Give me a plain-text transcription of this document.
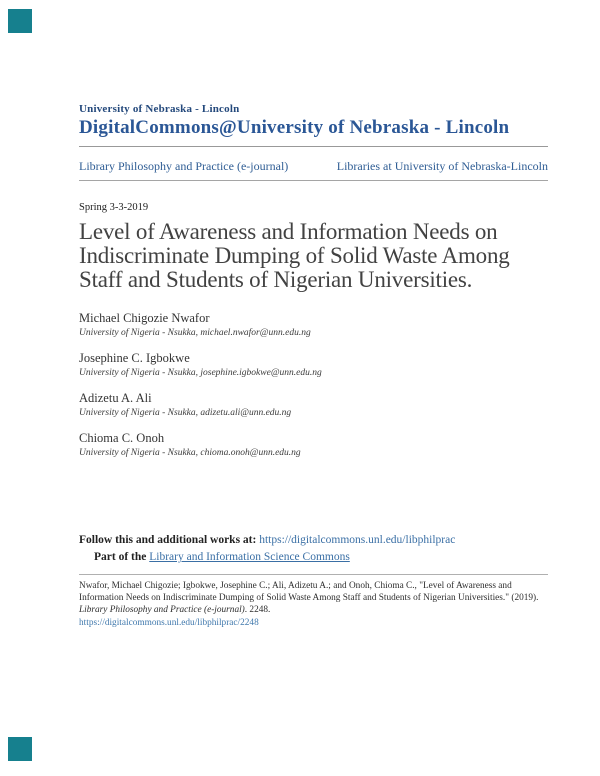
University of Nebraska - Lincoln
DigitalCommons@University of Nebraska - Lincoln
Library Philosophy and Practice (e-journal)	Libraries at University of Nebraska-Lincoln
Spring 3-3-2019
Level of Awareness and Information Needs on Indiscriminate Dumping of Solid Waste Among Staff and Students of Nigerian Universities.
Michael Chigozie Nwafor
University of Nigeria - Nsukka, michael.nwafor@unn.edu.ng
Josephine C. Igbokwe
University of Nigeria - Nsukka, josephine.igbokwe@unn.edu.ng
Adizetu A. Ali
University of Nigeria - Nsukka, adizetu.ali@unn.edu.ng
Chioma C. Onoh
University of Nigeria - Nsukka, chioma.onoh@unn.edu.ng
Follow this and additional works at: https://digitalcommons.unl.edu/libphilprac
Part of the Library and Information Science Commons
Nwafor, Michael Chigozie; Igbokwe, Josephine C.; Ali, Adizetu A.; and Onoh, Chioma C., "Level of Awareness and Information Needs on Indiscriminate Dumping of Solid Waste Among Staff and Students of Nigerian Universities." (2019). Library Philosophy and Practice (e-journal). 2248.
https://digitalcommons.unl.edu/libphilprac/2248
